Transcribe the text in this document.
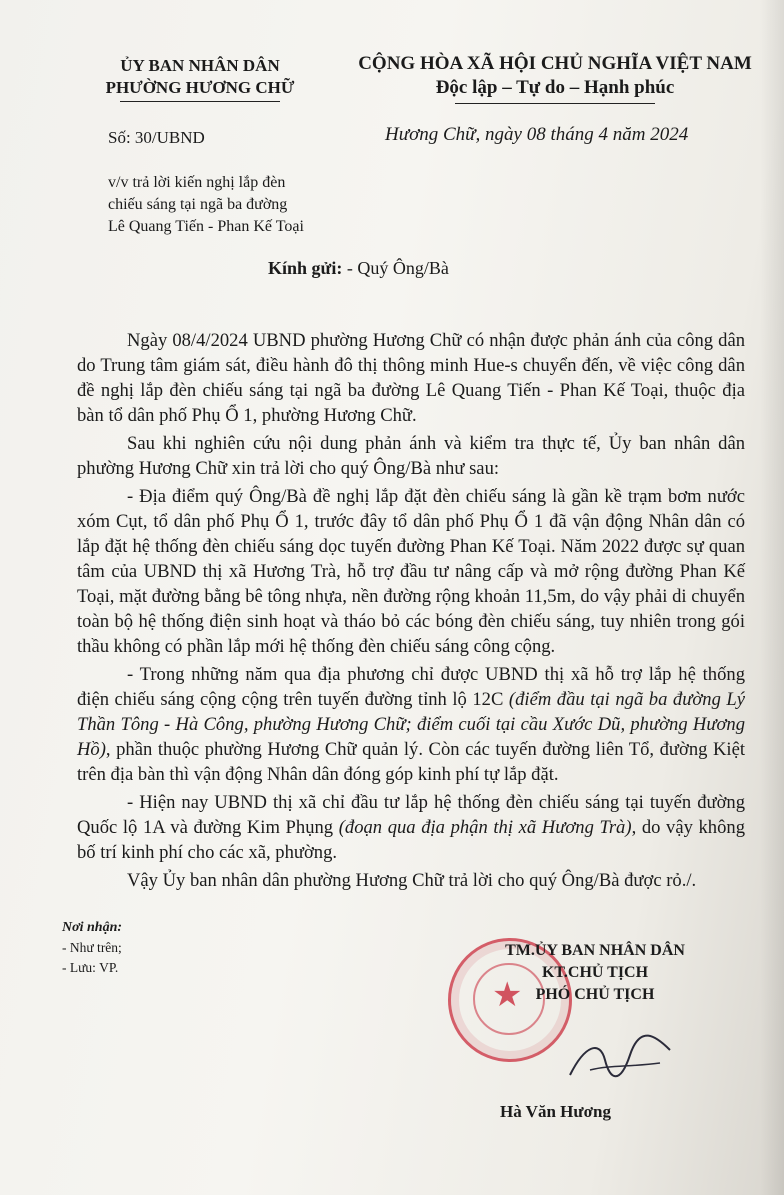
ỦY BAN NHÂN DÂN
PHƯỜNG HƯƠNG CHỮ
CỘNG HÒA XÃ HỘI CHỦ NGHĨA VIỆT NAM
Độc lập – Tự do – Hạnh phúc
Số: 30/UBND	Hương Chữ, ngày 08 tháng 4 năm 2024
v/v trả lời kiến nghị lắp đèn
chiếu sáng tại ngã ba đường
Lê Quang Tiến - Phan Kế Toại
Kính gửi: - Quý Ông/Bà

Ngày 08/4/2024 UBND phường Hương Chữ có nhận được phản ánh của công dân do Trung tâm giám sát, điều hành đô thị thông minh Hue-s chuyển đến, về việc công dân đề nghị lắp đèn chiếu sáng tại ngã ba đường Lê Quang Tiến - Phan Kế Toại, thuộc địa bàn tổ dân phố Phụ Ổ 1, phường Hương Chữ.

Sau khi nghiên cứu nội dung phản ánh và kiểm tra thực tế, Ủy ban nhân dân phường Hương Chữ xin trả lời cho quý Ông/Bà như sau:

- Địa điểm quý Ông/Bà đề nghị lắp đặt đèn chiếu sáng là gần kề trạm bơm nước xóm Cụt, tổ dân phố Phụ Ổ 1, trước đây tổ dân phố Phụ Ổ 1 đã vận động Nhân dân có lắp đặt hệ thống đèn chiếu sáng dọc tuyến đường Phan Kế Toại. Năm 2022 được sự quan tâm của UBND thị xã Hương Trà, hỗ trợ đầu tư nâng cấp và mở rộng đường Phan Kế Toại, mặt đường bằng bê tông nhựa, nền đường rộng khoản 11,5m, do vậy phải di chuyển toàn bộ hệ thống điện sinh hoạt và tháo bỏ các bóng đèn chiếu sáng, tuy nhiên trong gói thầu không có phần lắp mới hệ thống đèn chiếu sáng công cộng.

- Trong những năm qua địa phương chỉ được UBND thị xã hỗ trợ lắp hệ thống điện chiếu sáng cộng cộng trên tuyến đường tỉnh lộ 12C (điểm đầu tại ngã ba đường Lý Thần Tông - Hà Công, phường Hương Chữ; điểm cuối tại cầu Xước Dũ, phường Hương Hồ), phần thuộc phường Hương Chữ quản lý. Còn các tuyến đường liên Tổ, đường Kiệt trên địa bàn thì vận động Nhân dân đóng góp kinh phí tự lắp đặt.

- Hiện nay UBND thị xã chỉ đầu tư lắp hệ thống đèn chiếu sáng tại tuyến đường Quốc lộ 1A và đường Kim Phụng (đoạn qua địa phận thị xã Hương Trà), do vậy không bố trí kinh phí cho các xã, phường.

Vậy Ủy ban nhân dân phường Hương Chữ trả lời cho quý Ông/Bà được rỏ./.

Nơi nhận:
- Như trên;
- Lưu: VP.
★
TM.ỦY BAN NHÂN DÂN
KT.CHỦ TỊCH
PHÓ CHỦ TỊCH
Hà Văn Hương
